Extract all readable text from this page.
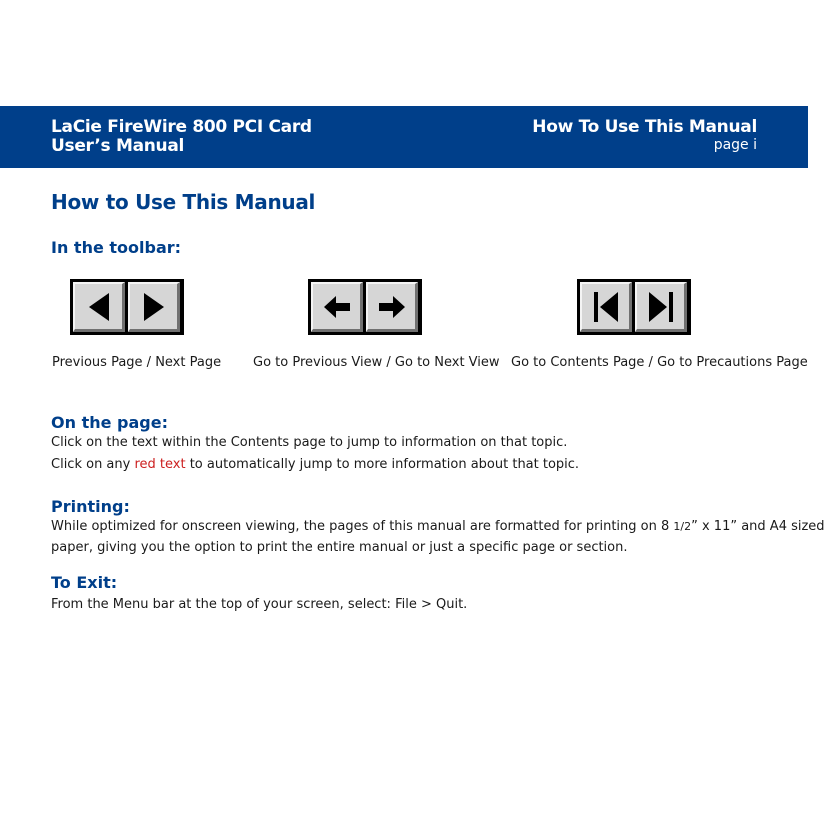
LaCie FireWire 800 PCI Card
User’s Manual
How To Use This Manual
page i
How to Use This Manual
In the toolbar:
Previous Page / Next Page Go to Previous View / Go to Next View Go to Contents Page / Go to Precautions Page
On the page:
Click on the text within the Contents page to jump to information on that topic.
Click on any red text to automatically jump to more information about that topic.
Printing:
While optimized for onscreen viewing, the pages of this manual are formatted for printing on 8 1/2” x 11” and A4 sized
paper, giving you the option to print the entire manual or just a specific page or section.
To Exit:
From the Menu bar at the top of your screen, select: File > Quit.
